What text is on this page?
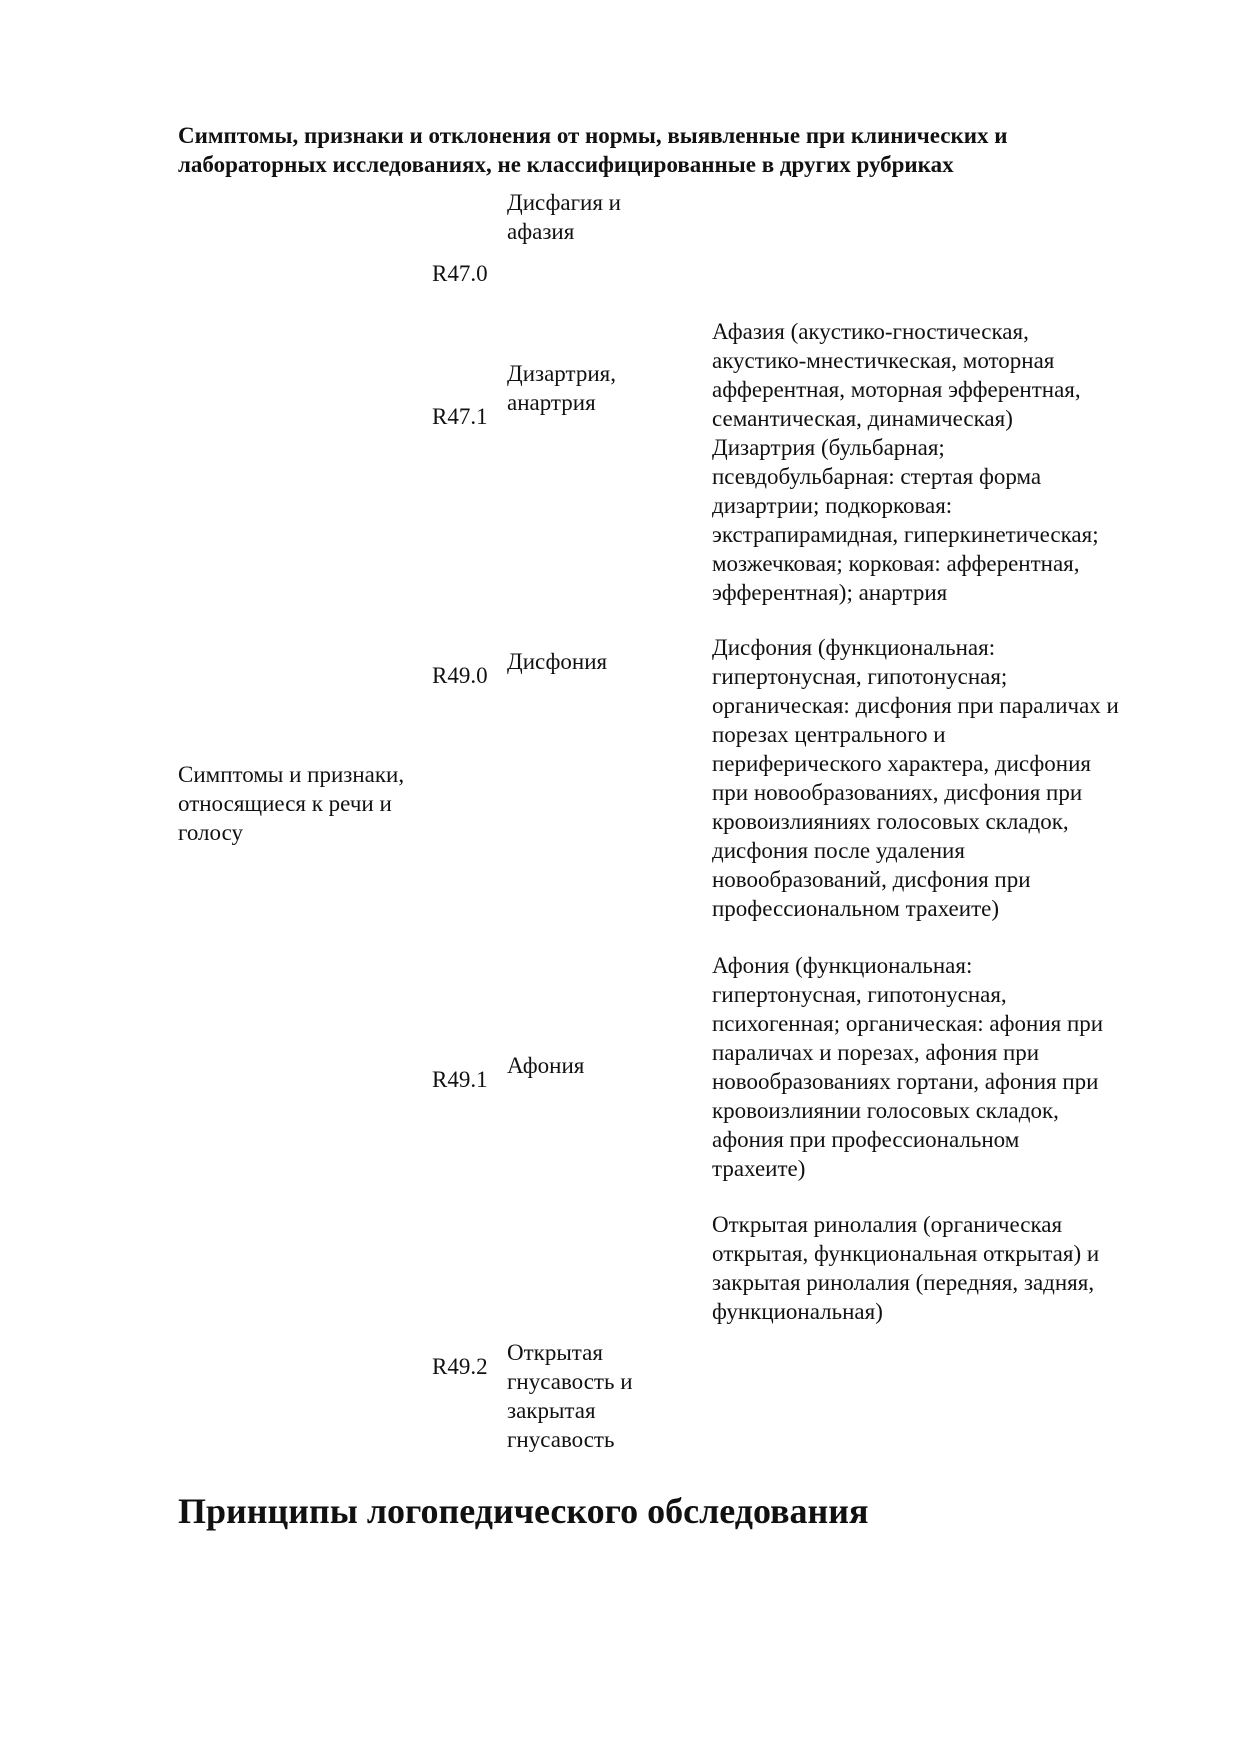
Симптомы, признаки и отклонения от нормы, выявленные при клинических и
лабораторных исследованиях, не классифицированные в других рубриках
Симптомы и признаки,
относящиеся к речи и
голосу
Дисфагия и
афазия
R47.0
Афазия (акустико-гностическая,
акустико-мнестичкеская, моторная
афферентная, моторная эфферентная,
семантическая, динамическая)
Дизартрия (бульбарная;
псевдобульбарная: стертая форма
дизартрии; подкорковая:
экстрапирамидная, гиперкинетическая;
мозжечковая; корковая: афферентная,
эфферентная); анартрия
Дизартрия,
анартрия
R47.1
Дисфония (функциональная:
гипертонусная, гипотонусная;
органическая: дисфония при параличах и
порезах центрального и
периферического характера, дисфония
при новообразованиях, дисфония при
кровоизлияниях голосовых складок,
дисфония после удаления
новообразований, дисфония при
профессиональном трахеите)
Дисфония
R49.0
Афония (функциональная:
гипертонусная, гипотонусная,
психогенная; органическая: афония при
параличах и порезах, афония при
новообразованиях гортани, афония при
кровоизлиянии голосовых складок,
афония при профессиональном
трахеите)
Афония
R49.1
Открытая ринолалия (органическая
открытая, функциональная открытая) и
закрытая ринолалия (передняя, задняя,
функциональная)
Открытая
гнусавость и
закрытая
гнусавость
R49.2
Принципы логопедического обследования
